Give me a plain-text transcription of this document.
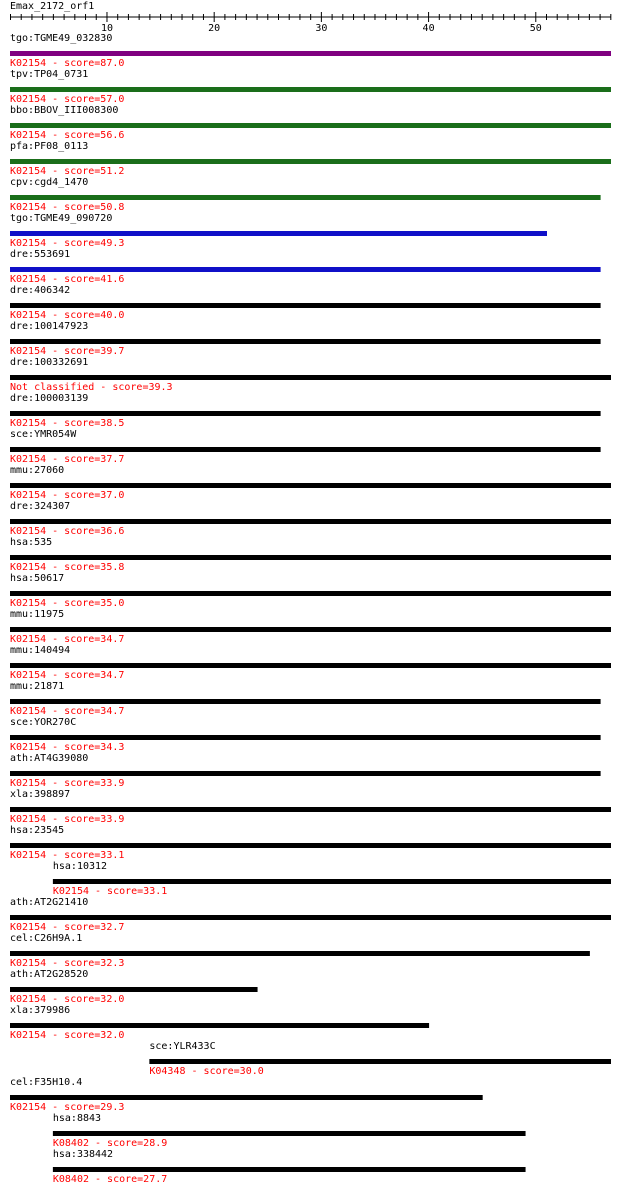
Emax_2172_orf1
10	20	30	40	50
tgo:TGME49_032830
K02154 - score=87.0
tpv:TP04_0731
K02154 - score=57.0
bbo:BBOV_III008300
K02154 - score=56.6
pfa:PF08_0113
K02154 - score=51.2
cpv:cgd4_1470
K02154 - score=50.8
tgo:TGME49_090720
K02154 - score=49.3
dre:553691
K02154 - score=41.6
dre:406342
K02154 - score=40.0
dre:100147923
K02154 - score=39.7
dre:100332691
Not classified - score=39.3
dre:100003139
K02154 - score=38.5
sce:YMR054W
K02154 - score=37.7
mmu:27060
K02154 - score=37.0
dre:324307
K02154 - score=36.6
hsa:535
K02154 - score=35.8
hsa:50617
K02154 - score=35.0
mmu:11975
K02154 - score=34.7
mmu:140494
K02154 - score=34.7
mmu:21871
K02154 - score=34.7
sce:YOR270C
K02154 - score=34.3
ath:AT4G39080
K02154 - score=33.9
xla:398897
K02154 - score=33.9
hsa:23545
K02154 - score=33.1
hsa:10312
K02154 - score=33.1
ath:AT2G21410
K02154 - score=32.7
cel:C26H9A.1
K02154 - score=32.3
ath:AT2G28520
K02154 - score=32.0
xla:379986
K02154 - score=32.0
sce:YLR433C
K04348 - score=30.0
cel:F35H10.4
K02154 - score=29.3
hsa:8843
K08402 - score=28.9
hsa:338442
K08402 - score=27.7
